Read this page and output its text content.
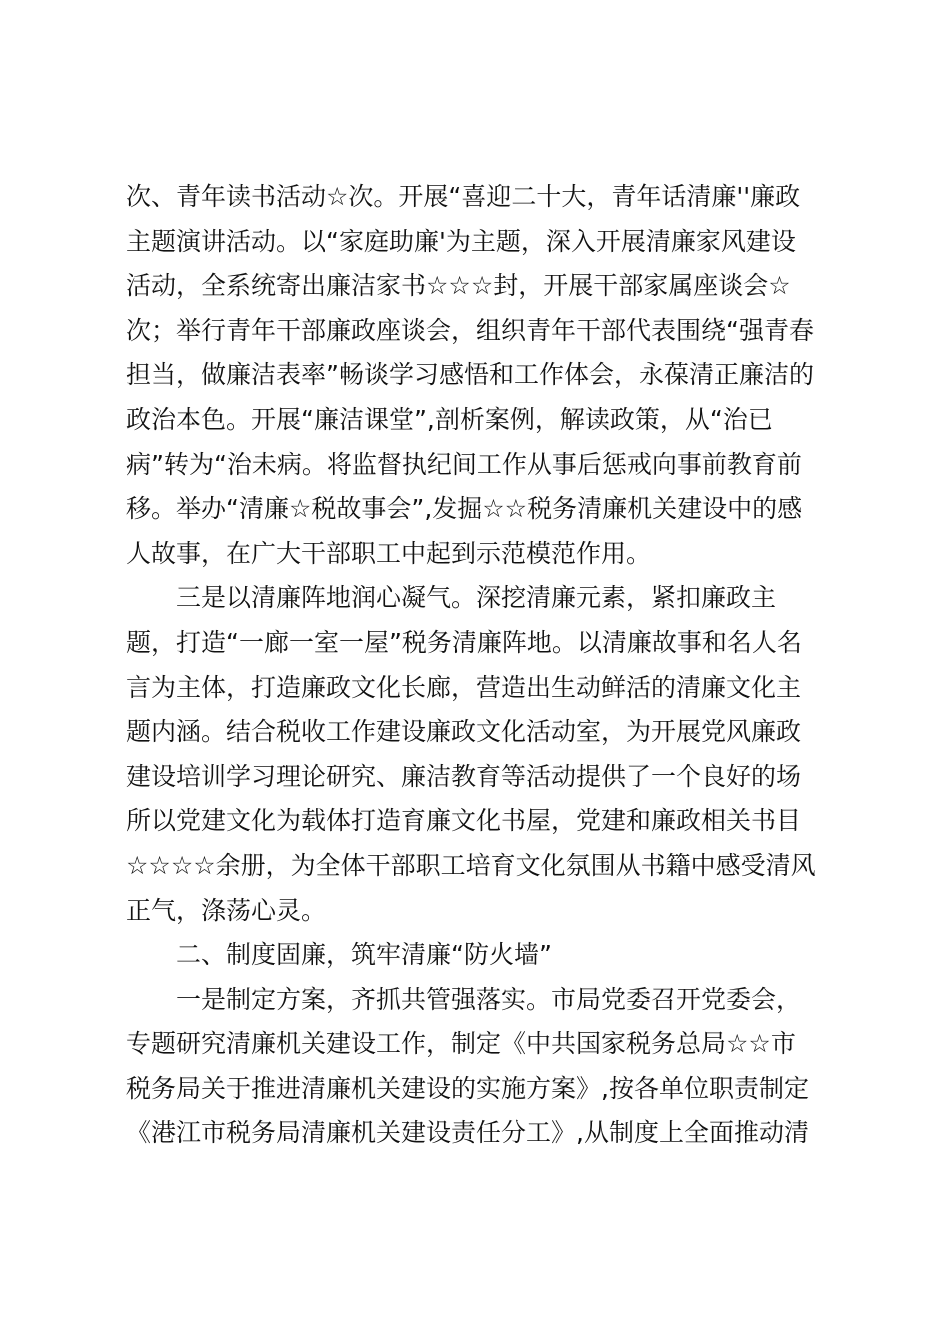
次、青年读书活动☆次。开展“喜迎二十大，青年话清廉''廉政
主题演讲活动。以“家庭助廉'为主题，深入开展清廉家风建设
活动，全系统寄出廉洁家书☆☆☆封，开展干部家属座谈会☆
次；举行青年干部廉政座谈会，组织青年干部代表围绕“强青春
担当，做廉洁表率”畅谈学习感悟和工作体会，永葆清正廉洁的
政治本色。开展“廉洁课堂”,剖析案例，解读政策，从“治已
病”转为“治未病。将监督执纪间工作从事后惩戒向事前教育前
移。举办“清廉☆税故事会”,发掘☆☆税务清廉机关建设中的感
人故事，在广大干部职工中起到示范模范作用。
　　三是以清廉阵地润心凝气。深挖清廉元素，紧扣廉政主
题，打造“一廊一室一屋”税务清廉阵地。以清廉故事和名人名
言为主体，打造廉政文化长廊，营造出生动鲜活的清廉文化主
题内涵。结合税收工作建设廉政文化活动室，为开展党风廉政
建设培训学习理论研究、廉洁教育等活动提供了一个良好的场
所以党建文化为载体打造育廉文化书屋，党建和廉政相关书目
☆☆☆☆余册，为全体干部职工培育文化氛围从书籍中感受清风
正气，涤荡心灵。
　　二、制度固廉，筑牢清廉“防火墙”
　　一是制定方案，齐抓共管强落实。市局党委召开党委会，
专题研究清廉机关建设工作，制定《中共国家税务总局☆☆市
税务局关于推进清廉机关建设的实施方案》,按各单位职责制定
《港江市税务局清廉机关建设责任分工》,从制度上全面推动清
